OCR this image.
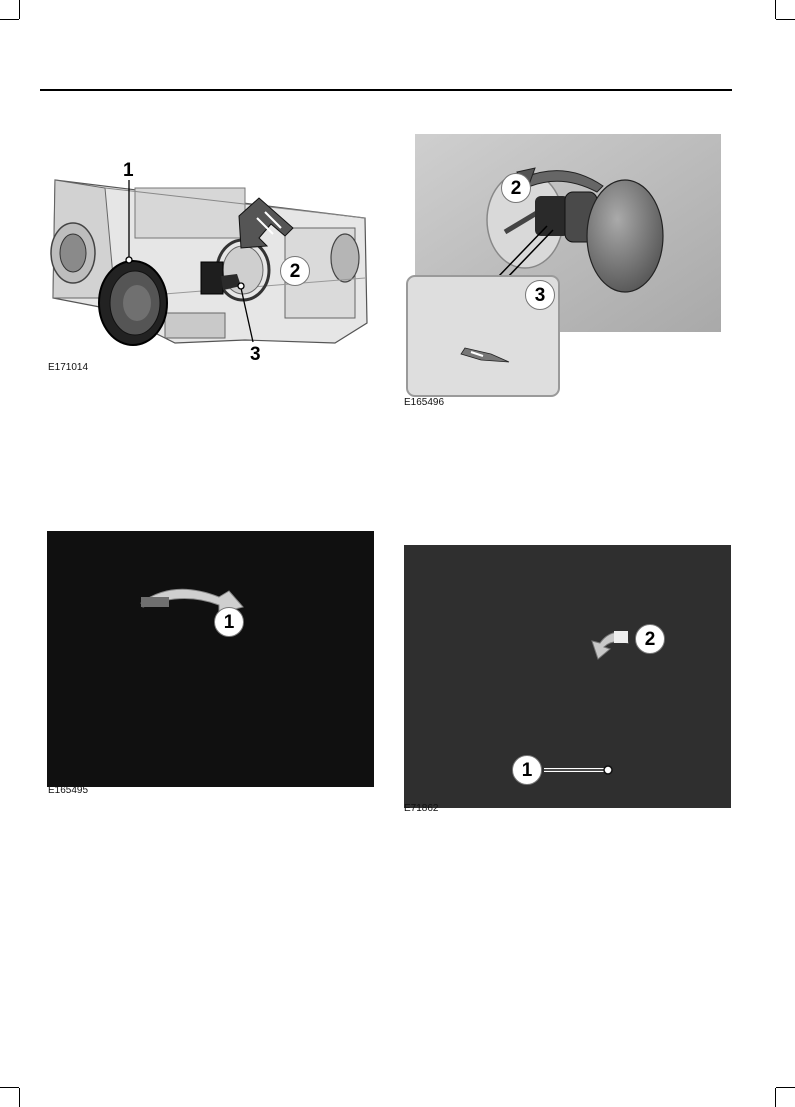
1
2
3
E171014
2
3
E165496
1
E165495
2
1
E71862
